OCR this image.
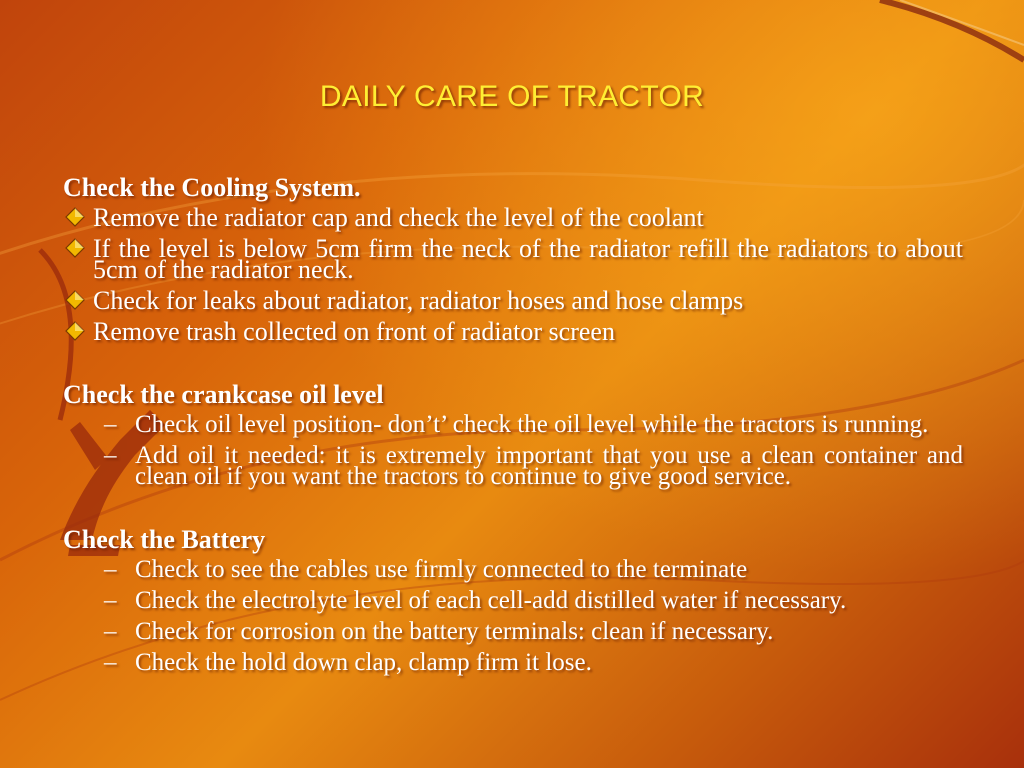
DAILY CARE OF TRACTOR
Check the Cooling System.
Remove the radiator cap and check the level of the coolant
If the level is below 5cm firm the neck of the radiator refill the radiators to about 5cm of the radiator neck.
Check for leaks about radiator, radiator hoses and hose clamps
Remove trash collected on front of radiator screen
Check the crankcase oil level
– Check oil level position- don’t’ check the oil level while the tractors is running.
– Add oil it needed: it is extremely important that you use a clean container and clean oil if you want the tractors to continue to give good service.
Check the Battery
– Check to see the cables use firmly connected to the terminate
– Check the electrolyte level of each cell-add distilled water if necessary.
– Check for corrosion on the battery terminals: clean if necessary.
– Check the hold down clap, clamp firm it lose.
